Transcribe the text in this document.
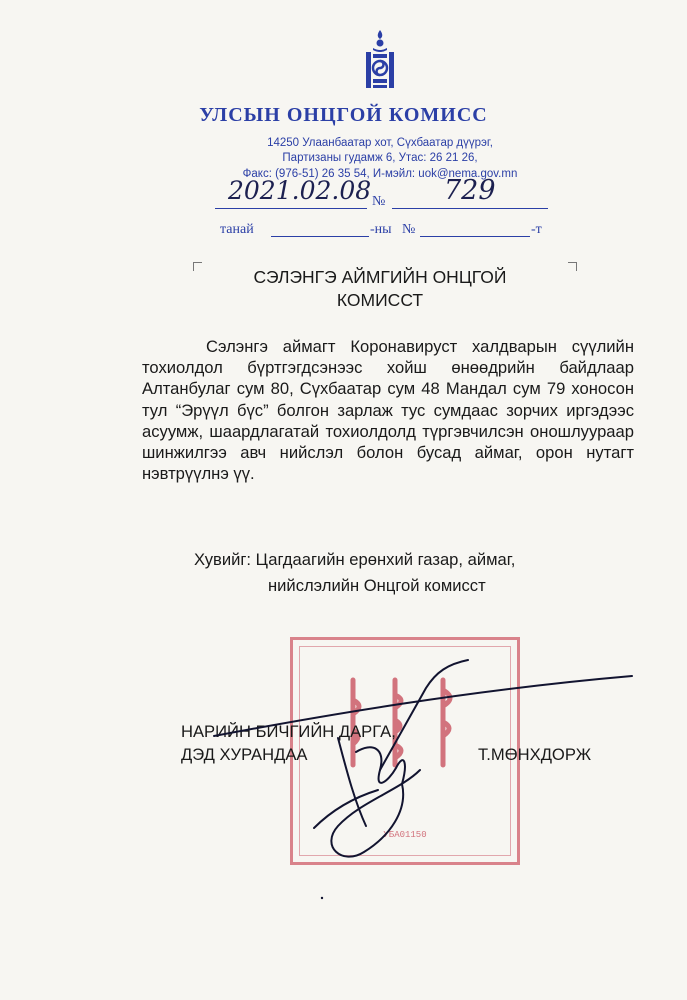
УЛСЫН ОНЦГОЙ КОМИСС
14250 Улаанбаатар хот, Сүхбаатар дүүрэг,
Партизаны гудамж 6, Утас: 26 21 26,
Факс: (976-51) 26 35 54, И-мэйл: uok@nema.gov.mn
2021.02.08 № 729
танай	-ны №	-т
СЭЛЭНГЭ АЙМГИЙН ОНЦГОЙ
КОМИССТ
Сэлэнгэ аймагт Коронавируст халдварын сүүлийн тохиолдол бүртгэгдсэнээс хойш өнөөдрийн байдлаар Алтанбулаг сум 80, Сүхбаатар сум 48 Мандал сум 79 хоносон тул “Эрүүл бүс” болгон зарлаж тус сумдаас зорчих иргэдээс асуумж, шаардлагатай тохиолдолд түргэвчилсэн оношлуураар шинжилгээ авч нийслэл болон бусад аймаг, орон нутагт нэвтрүүлнэ үү.
Хувийг: Цагдаагийн ерөнхий газар, аймаг,
нийслэлийн Онцгой комисст
УБА01150
НАРИЙН БИЧГИЙН ДАРГА,
ДЭД ХУРАНДАА	Т.МӨНХДОРЖ
